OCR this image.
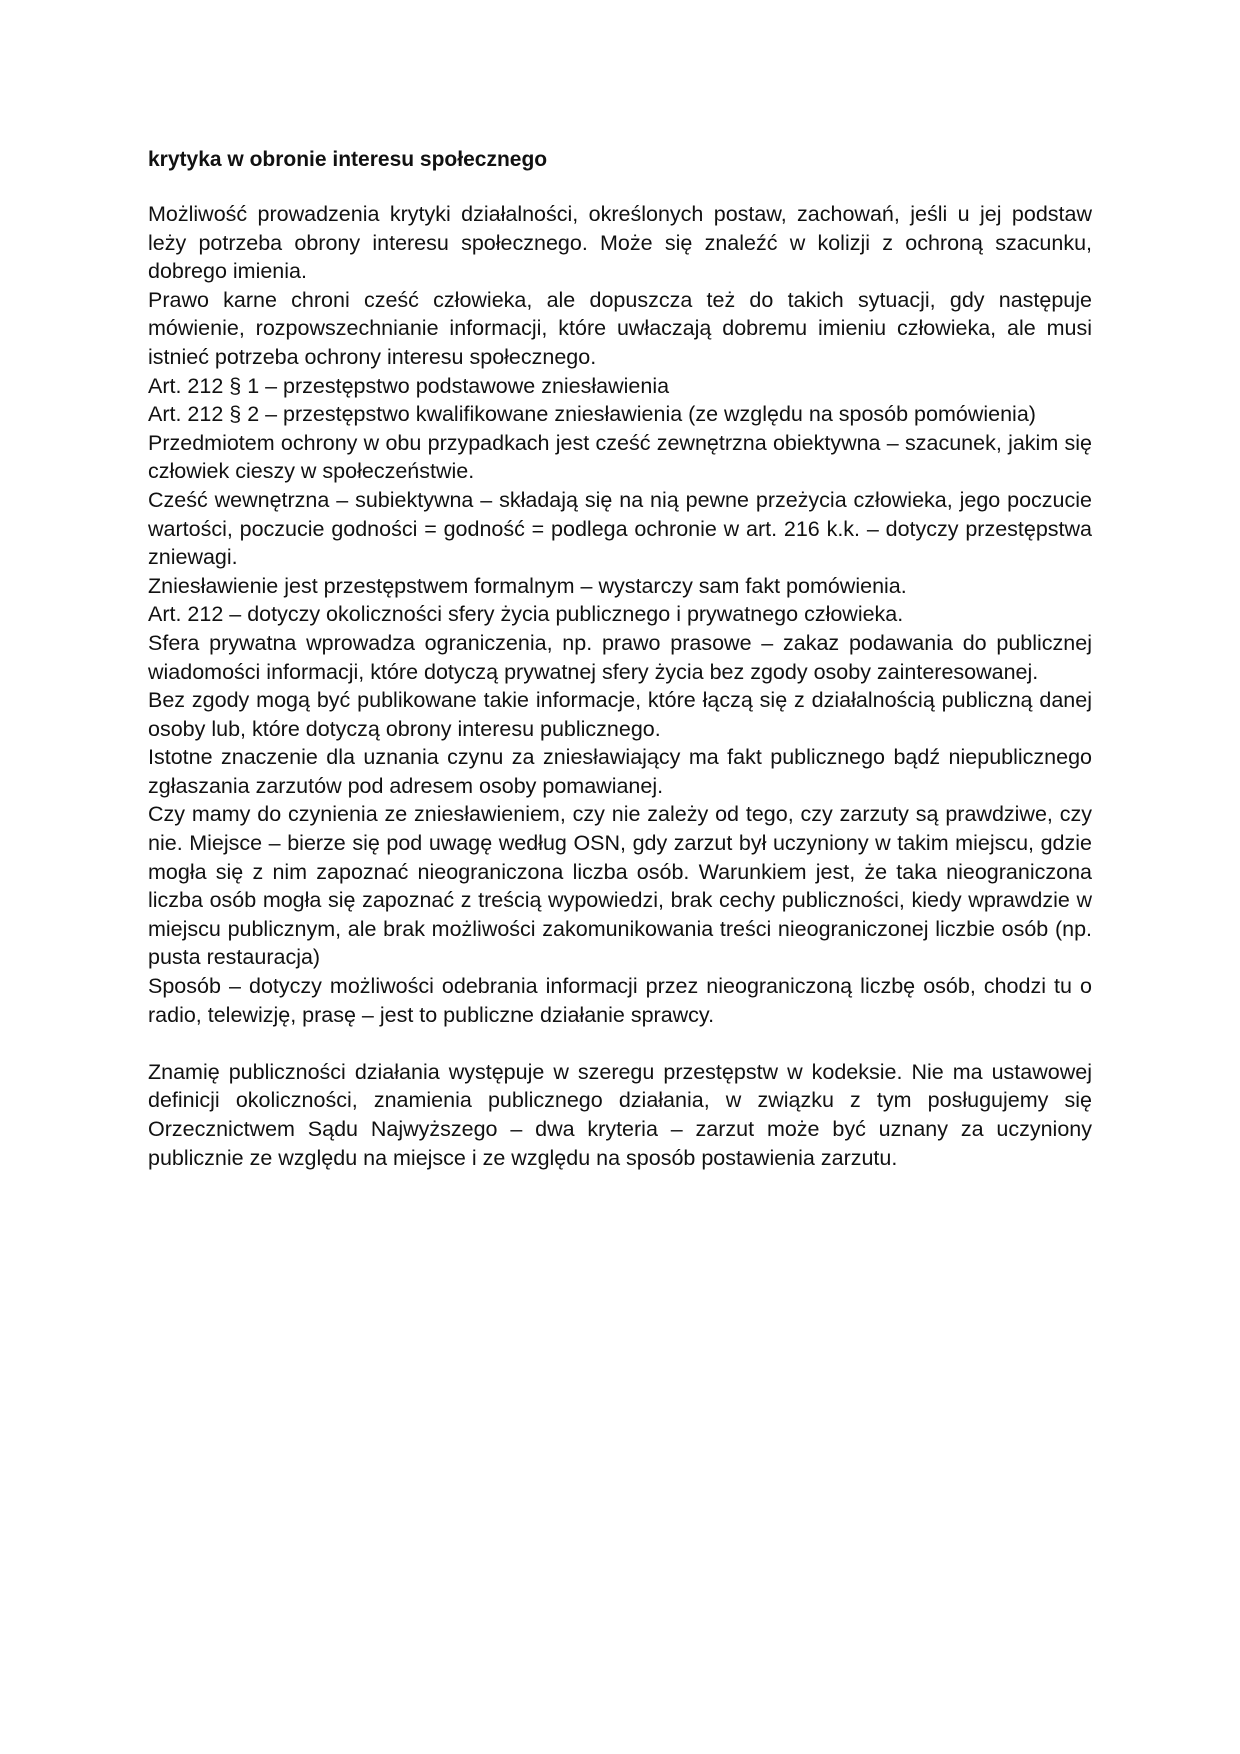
krytyka w obronie interesu społecznego

Możliwość prowadzenia krytyki działalności, określonych postaw, zachowań, jeśli u jej podstaw leży potrzeba obrony interesu społecznego. Może się znaleźć w kolizji z ochroną szacunku, dobrego imienia.

Prawo karne chroni cześć człowieka, ale dopuszcza też do takich sytuacji, gdy następuje mówienie, rozpowszechnianie informacji, które uwłaczają dobremu imieniu człowieka, ale musi istnieć potrzeba ochrony interesu społecznego.

Art. 212 § 1 – przestępstwo podstawowe zniesławienia

Art. 212 § 2 – przestępstwo kwalifikowane zniesławienia (ze względu na sposób pomówienia)

Przedmiotem ochrony w obu przypadkach jest cześć zewnętrzna obiektywna – szacunek, jakim się człowiek cieszy w społeczeństwie.

Cześć wewnętrzna – subiektywna – składają się na nią pewne przeżycia człowieka, jego poczucie wartości, poczucie godności = godność = podlega ochronie w art. 216 k.k. – dotyczy przestępstwa zniewagi.

Zniesławienie jest przestępstwem formalnym – wystarczy sam fakt pomówienia.

Art. 212 – dotyczy okoliczności sfery życia publicznego i prywatnego człowieka.

Sfera prywatna wprowadza ograniczenia, np. prawo prasowe – zakaz podawania do publicznej wiadomości informacji, które dotyczą prywatnej sfery życia bez zgody osoby zainteresowanej.

Bez zgody mogą być publikowane takie informacje, które łączą się z działalnością publiczną danej osoby lub, które dotyczą obrony interesu publicznego.

Istotne znaczenie dla uznania czynu za zniesławiający ma fakt publicznego bądź niepublicznego zgłaszania zarzutów pod adresem osoby pomawianej.

Czy mamy do czynienia ze zniesławieniem, czy nie zależy od tego, czy zarzuty są prawdziwe, czy nie. Miejsce – bierze się pod uwagę według OSN, gdy zarzut był uczyniony w takim miejscu, gdzie mogła się z nim zapoznać nieograniczona liczba osób. Warunkiem jest, że taka nieograniczona liczba osób mogła się zapoznać z treścią wypowiedzi, brak cechy publiczności, kiedy wprawdzie w miejscu publicznym, ale brak możliwości zakomunikowania treści nieograniczonej liczbie osób (np. pusta restauracja)

Sposób – dotyczy możliwości odebrania informacji przez nieograniczoną liczbę osób, chodzi tu o radio, telewizję, prasę – jest to publiczne działanie sprawcy.

Znamię publiczności działania występuje w szeregu przestępstw w kodeksie. Nie ma ustawowej definicji okoliczności, znamienia publicznego działania, w związku z tym posługujemy się Orzecznictwem Sądu Najwyższego – dwa kryteria – zarzut może być uznany za uczyniony publicznie ze względu na miejsce i ze względu na sposób postawienia zarzutu.
